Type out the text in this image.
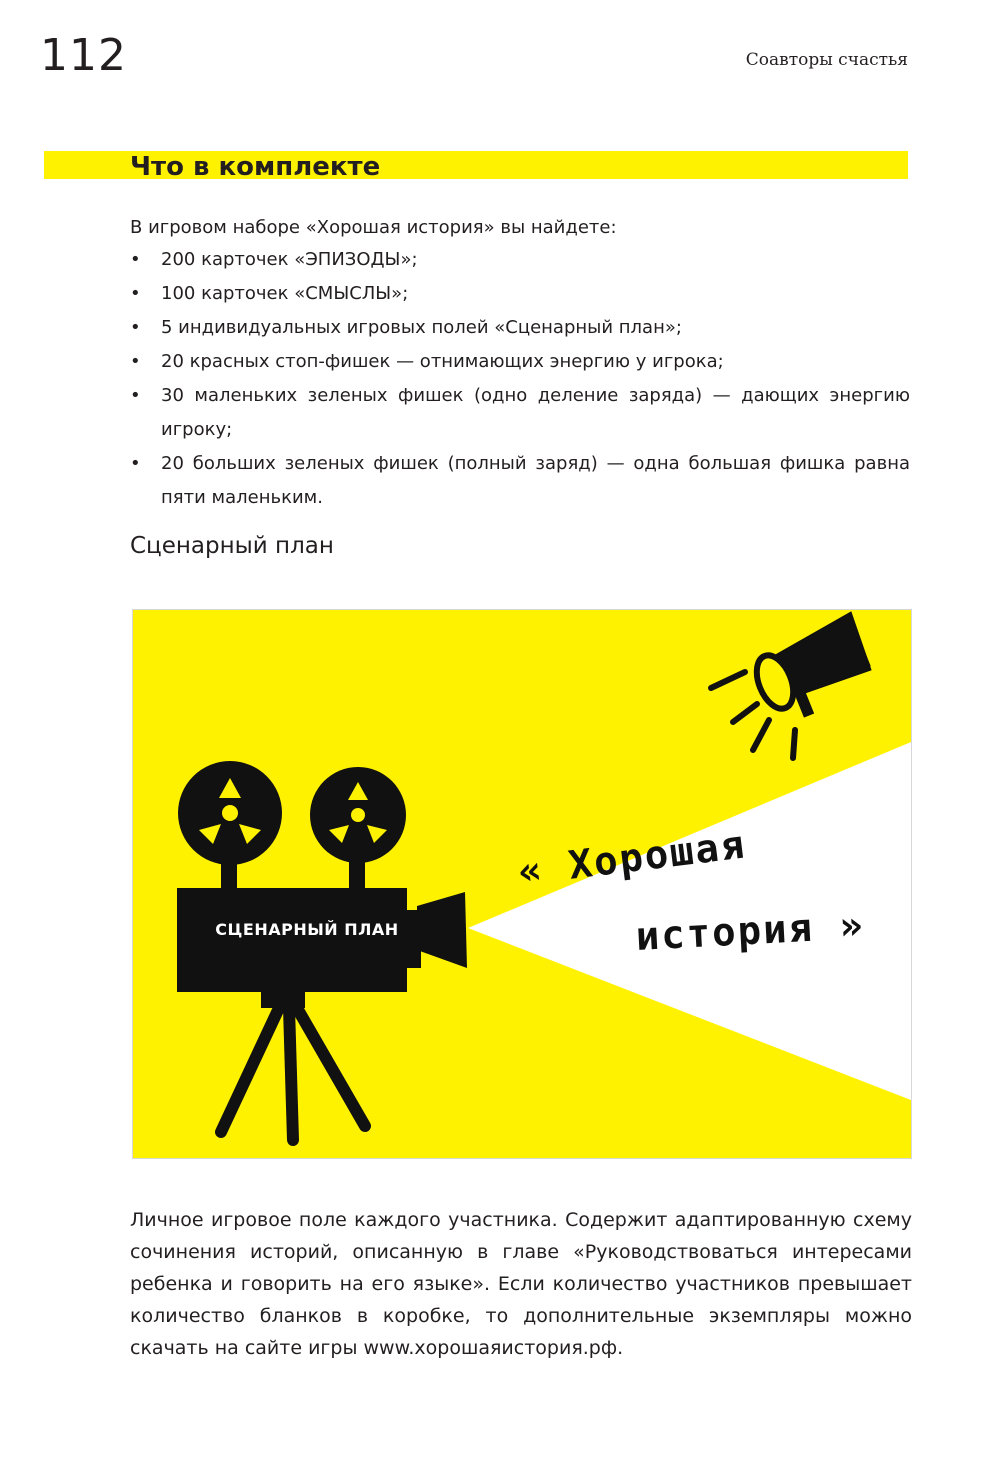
112	Соавторы счастья
Что в комплекте
В игровом наборе «Хорошая история» вы найдете:
• 200 карточек «ЭПИЗОДЫ»;
• 100 карточек «СМЫСЛЫ»;
• 5 индивидуальных игровых полей «Сценарный план»;
• 20 красных стоп-фишек — отнимающих энергию у игрока;
• 30 маленьких зеленых фишек (одно деление заряда) — дающих энергию игроку;
• 20 больших зеленых фишек (полный заряд) — одна большая фишка равна пяти маленьким.
Сценарный план
СЦЕНАРНЫЙ ПЛАН
« Хорошая
история »

Личное игровое поле каждого участника. Содержит адаптированную схему сочинения историй, описанную в главе «Руководствоваться интересами ребенка и говорить на его языке». Если количество участников превышает количество бланков в коробке, то дополнительные экземпляры можно скачать на сайте игры www.хорошаяистория.рф.
